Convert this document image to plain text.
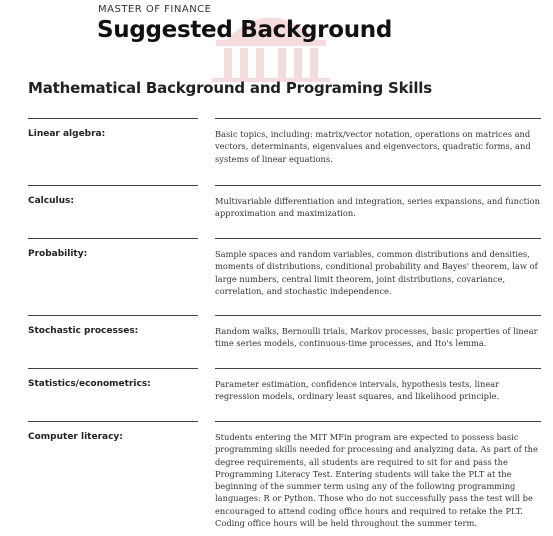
MASTER OF FINANCE
Suggested Background
Mathematical Background and Programing Skills
Linear algebra:	Basic topics, including: matrix/vector notation, operations on matrices and vectors, determinants, eigenvalues and eigenvectors, quadratic forms, and systems of linear equations.
Calculus:	Multivariable differentiation and integration, series expansions, and function approximation and maximization.
Probability:	Sample spaces and random variables, common distributions and densities, moments of distributions, conditional probability and Bayes' theorem, law of large numbers, central limit theorem, joint distributions, covariance, correlation, and stochastic independence.
Stochastic processes:	Random walks, Bernoulli trials, Markov processes, basic properties of linear time series models, continuous-time processes, and Ito's lemma.
Statistics/econometrics:	Parameter estimation, confidence intervals, hypothesis tests, linear regression models, ordinary least squares, and likelihood principle.
Computer literacy:	Students entering the MIT MFin program are expected to possess basic programming skills needed for processing and analyzing data. As part of the degree requirements, all students are required to sit for and pass the Programming Literacy Test. Entering students will take the PLT at the beginning of the summer term using any of the following programming languages: R or Python. Those who do not successfully pass the test will be encouraged to attend coding office hours and required to retake the PLT. Coding office hours will be held throughout the summer term.
